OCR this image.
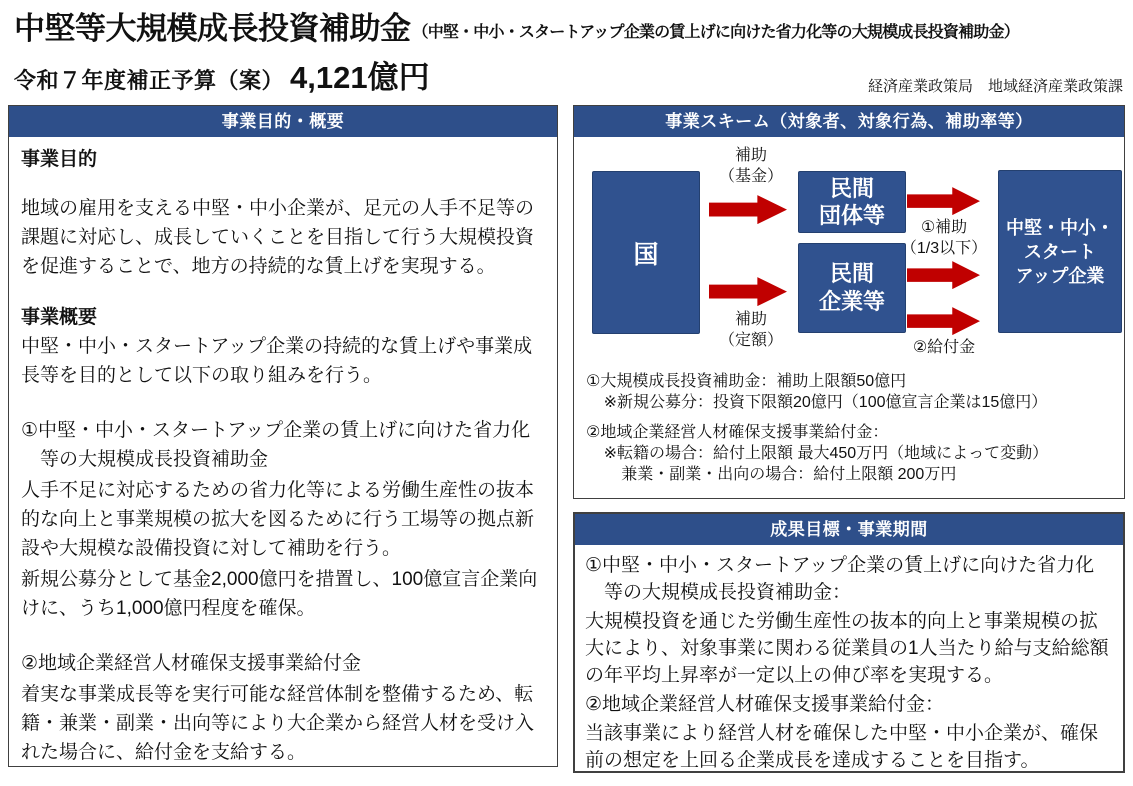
中堅等大規模成長投資補助金 （中堅・中小・スタートアップ企業の賃上げに向けた省力化等の大規模成長投資補助金）
令和７年度補正予算（案） 4,121億円	経済産業政策局　地域経済産業政策課
事業目的・概要

事業目的

地域の雇用を支える中堅・中小企業が、足元の人手不足等の課題に対応し、成長していくことを目指して行う大規模投資を促進することで、地方の持続的な賃上げを実現する。

事業概要

中堅・中小・スタートアップ企業の持続的な賃上げや事業成長等を目的として以下の取り組みを行う。

①中堅・中小・スタートアップ企業の賃上げに向けた省力化等の大規模成長投資補助金

人手不足に対応するための省力化等による労働生産性の抜本的な向上と事業規模の拡大を図るために行う工場等の拠点新設や大規模な設備投資に対して補助を行う。

新規公募分として基金2,000億円を措置し、100億宣言企業向けに、うち1,000億円程度を確保。

②地域企業経営人材確保支援事業給付金

着実な事業成長等を実行可能な経営体制を整備するため、転籍・兼業・副業・出向等により大企業から経営人材を受け入れた場合に、給付金を支給する。

事業スキーム（対象者、対象行為、補助率等）
国
補助
（基金）
補助
（定額）
民間
団体等
民間
企業等
①補助
（1/3以下）
②給付金
中堅・中小・
スタート
アップ企業
①大規模成長投資補助金：補助上限額50億円
※新規公募分：投資下限額20億円（100億宣言企業は15億円）
②地域企業経営人材確保支援事業給付金：
※転籍の場合：給付上限額 最大450万円（地域によって変動）
兼業・副業・出向の場合：給付上限額 200万円
成果目標・事業期間

①中堅・中小・スタートアップ企業の賃上げに向けた省力化等の大規模成長投資補助金：

大規模投資を通じた労働生産性の抜本的向上と事業規模の拡大により、対象事業に関わる従業員の1人当たり給与支給総額の年平均上昇率が一定以上の伸び率を実現する。

②地域企業経営人材確保支援事業給付金：

当該事業により経営人材を確保した中堅・中小企業が、確保前の想定を上回る企業成長を達成することを目指す。
